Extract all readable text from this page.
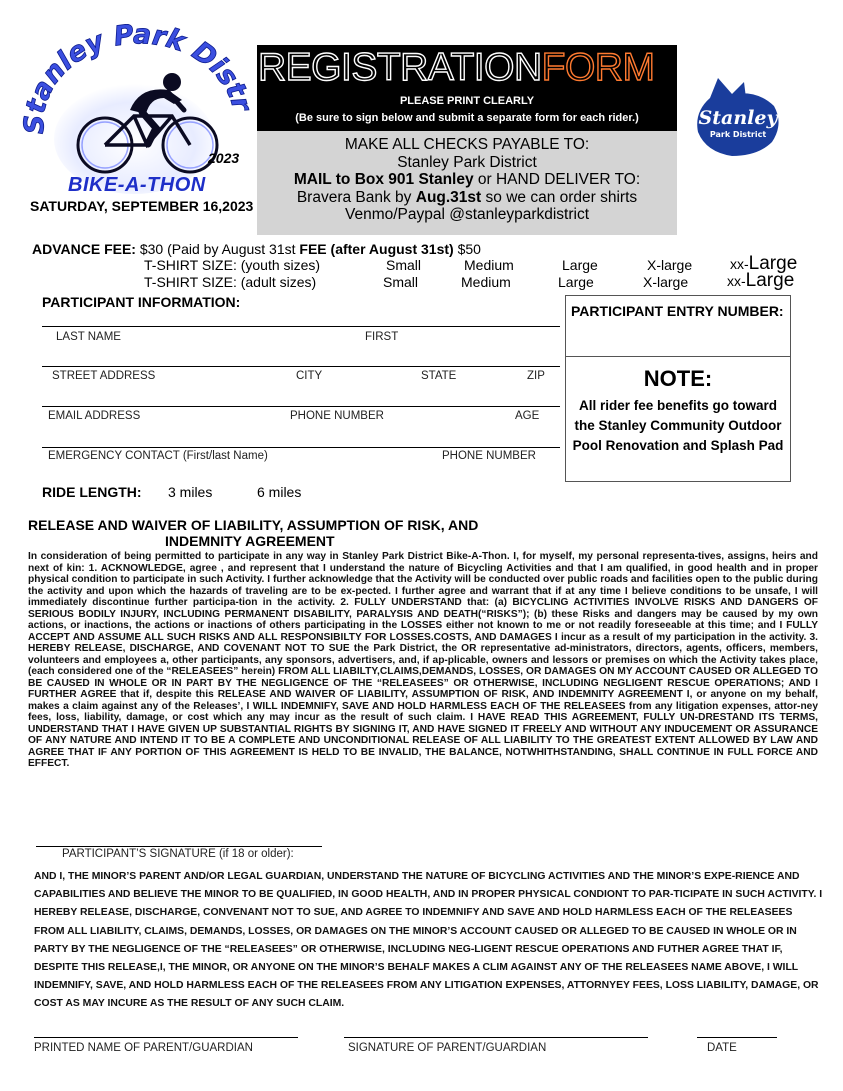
Stanley Park Distr
2023
BIKE-A-THON
SATURDAY, SEPTEMBER 16,2023
REGISTRATIONFORM
PLEASE PRINT CLEARLY
(Be sure to sign below and submit a separate form for each rider.)
MAKE ALL CHECKS PAYABLE TO:
Stanley Park District
MAIL to Box 901 Stanley or HAND DELIVER TO:
Bravera Bank by Aug.31st so we can order shirts
Venmo/Paypal @stanleyparkdistrict
Stanley
Park District
ADVANCE FEE: $30 (Paid by August 31st FEE (after August 31st) $50
T-SHIRT SIZE: (youth sizes)	Small	Medium	Large	X-large	xx-Large
T-SHIRT SIZE: (adult sizes)	Small	Medium	Large	X-large	xx-Large
PARTICIPANT INFORMATION:
LAST NAME	FIRST
STREET ADDRESS	CITY	STATE	ZIP
EMAIL ADDRESS	PHONE NUMBER	AGE
EMERGENCY CONTACT (First/last Name)	PHONE NUMBER
PARTICIPANT ENTRY NUMBER:
NOTE:
All rider fee benefits go toward the Stanley Community Outdoor Pool Renovation and Splash Pad
RIDE LENGTH: 3 miles	6 miles
RELEASE AND WAIVER OF LIABILITY, ASSUMPTION OF RISK, AND
INDEMNITY AGREEMENT
In consideration of being permitted to participate in any way in Stanley Park District Bike-A-Thon. I, for myself, my personal representa-tives, assigns, heirs and next of kin: 1. ACKNOWLEDGE, agree , and represent that I understand the nature of Bicycling Activities and that I am qualified, in good health and in proper physical condition to participate in such Activity. I further acknowledge that the Activity will be conducted over public roads and facilities open to the public during the activity and upon which the hazards of traveling are to be ex-pected. I further agree and warrant that if at any time I believe conditions to be unsafe, I will immediately discontinue further participa-tion in the activity. 2. FULLY UNDERSTAND that: (a) BICYCLING ACTIVITIES INVOLVE RISKS AND DANGERS OF SERIOUS BODILY INJURY, INCLUDING PERMANENT DISABILITY, PARALYSIS AND DEATH(“RISKS”); (b) these Risks and dangers may be caused by my own actions, or inactions, the actions or inactions of others participating in the LOSSES either not known to me or not readily foreseeable at this time; and I FULLY ACCEPT AND ASSUME ALL SUCH RISKS AND ALL RESPONSIBILTY FOR LOSSES.COSTS, AND DAMAGES I incur as a result of my participation in the activity. 3. HEREBY RELEASE, DISCHARGE, AND COVENANT NOT TO SUE the Park District, the OR representative ad-ministrators, directors, agents, officers, members, volunteers and employees a, other participants, any sponsors, advertisers, and, if ap-plicable, owners and lessors or premises on which the Activity takes place, (each considered one of the “RELEASEES” herein) FROM ALL LIABILTY,CLAIMS,DEMANDS, LOSSES, OR DAMAGES ON MY ACCOUNT CAUSED OR ALLEGED TO BE CAUSED IN WHOLE OR IN PART BY THE NEGLIGENCE OF THE “RELEASEES” OR OTHERWISE, INCLUDING NEGLIGENT RESCUE OPERATIONS; AND I FURTHER AGREE that if, despite this RELEASE AND WAIVER OF LIABILITY, ASSUMPTION OF RISK, AND INDEMNITY AGREEMENT I, or anyone on my behalf, makes a claim against any of the Releases’, I WILL INDEMNIFY, SAVE AND HOLD HARMLESS EACH OF THE RELEASEES from any litigation expenses, attor-ney fees, loss, liability, damage, or cost which any may incur as the result of such claim. I HAVE READ THIS AGREEMENT, FULLY UN-DRESTAND ITS TERMS, UNDERSTAND THAT I HAVE GIVEN UP SUBSTANTIAL RIGHTS BY SIGNING IT, AND HAVE SIGNED IT FREELY AND WITHOUT ANY INDUCEMENT OR ASSURANCE OF ANY NATURE AND INTEND IT TO BE A COMPLETE AND UNCONDITIONAL RELEASE OF ALL LIABILITY TO THE GREATEST EXTENT ALLOWED BY LAW AND AGREE THAT IF ANY PORTION OF THIS AGREEMENT IS HELD TO BE INVALID, THE BALANCE, NOTWHITHSTANDING, SHALL CONTINUE IN FULL FORCE AND EFFECT.
PARTICIPANT’S SIGNATURE (if 18 or older):
AND I, THE MINOR’S PARENT AND/OR LEGAL GUARDIAN, UNDERSTAND THE NATURE OF BICYCLING ACTIVITIES AND THE MINOR’S EXPE-RIENCE AND CAPABILITIES AND BELIEVE THE MINOR TO BE QUALIFIED, IN GOOD HEALTH, AND IN PROPER PHYSICAL CONDIONT TO PAR-TICIPATE IN SUCH ACTIVITY. I HEREBY RELEASE, DISCHARGE, CONVENANT NOT TO SUE, AND AGREE TO INDEMNIFY AND SAVE AND HOLD HARMLESS EACH OF THE RELEASEES FROM ALL LIABILITY, CLAIMS, DEMANDS, LOSSES, OR DAMAGES ON THE MINOR’S ACCOUNT CAUSED OR ALLEGED TO BE CAUSED IN WHOLE OR IN PARTY BY THE NEGLIGENCE OF THE “RELEASEES” OR OTHERWISE, INCLUDING NEG-LIGENT RESCUE OPERATIONS AND FUTHER AGREE THAT IF, DESPITE THIS RELEASE,I, THE MINOR, OR ANYONE ON THE MINOR’S BEHALF MAKES A CLIM AGAINST ANY OF THE RELEASEES NAME ABOVE, I WILL INDEMNIFY, SAVE, AND HOLD HARMLESS EACH OF THE RELEASEES FROM ANY LITIGATION EXPENSES, ATTORNYEY FEES, LOSS LIABILITY, DAMAGE, OR COST AS MAY INCURE AS THE RESULT OF ANY SUCH CLAIM.
PRINTED NAME OF PARENT/GUARDIAN	SIGNATURE OF PARENT/GUARDIAN	DATE
